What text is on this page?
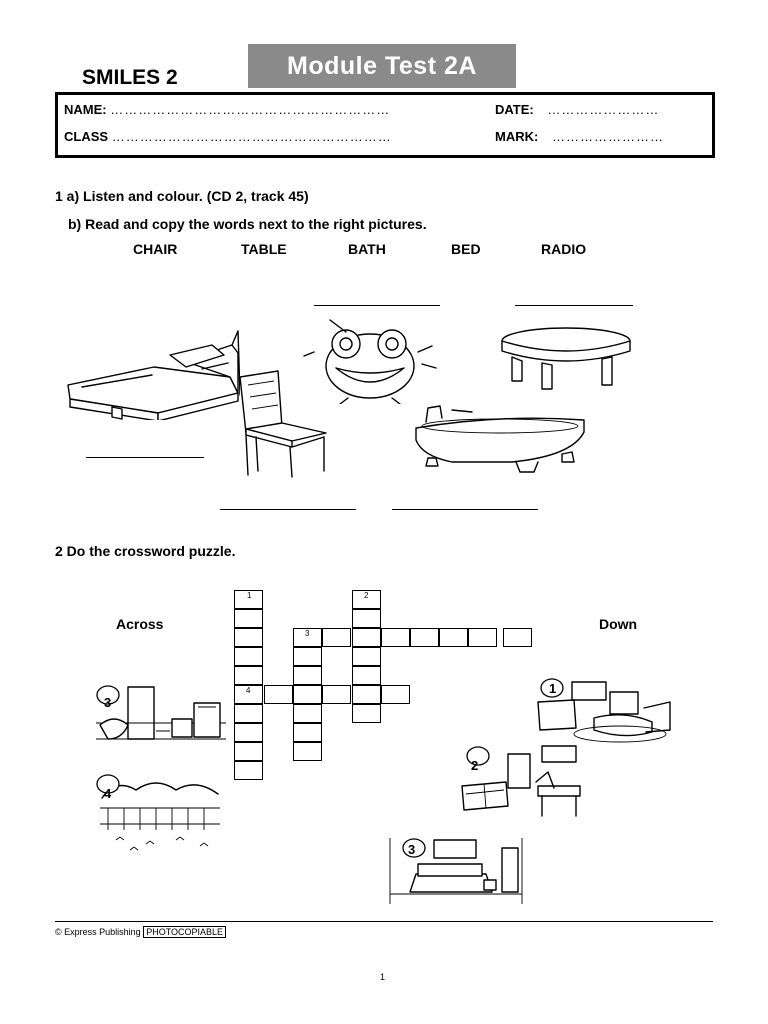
SMILES 2	Module Test 2A
NAME: ……………………………………………………
CLASS ……………………………………………………
DATE: ……………………
MARK: ……………………
1 a) Listen and colour. (CD 2, track 45)
b) Read and copy the words next to the right pictures.
CHAIR	TABLE	BATH	BED	RADIO
2 Do the crossword puzzle.
Across	Down
1
4
2
3
3
4
1
2
3
© Express Publishing PHOTOCOPIABLE
1
